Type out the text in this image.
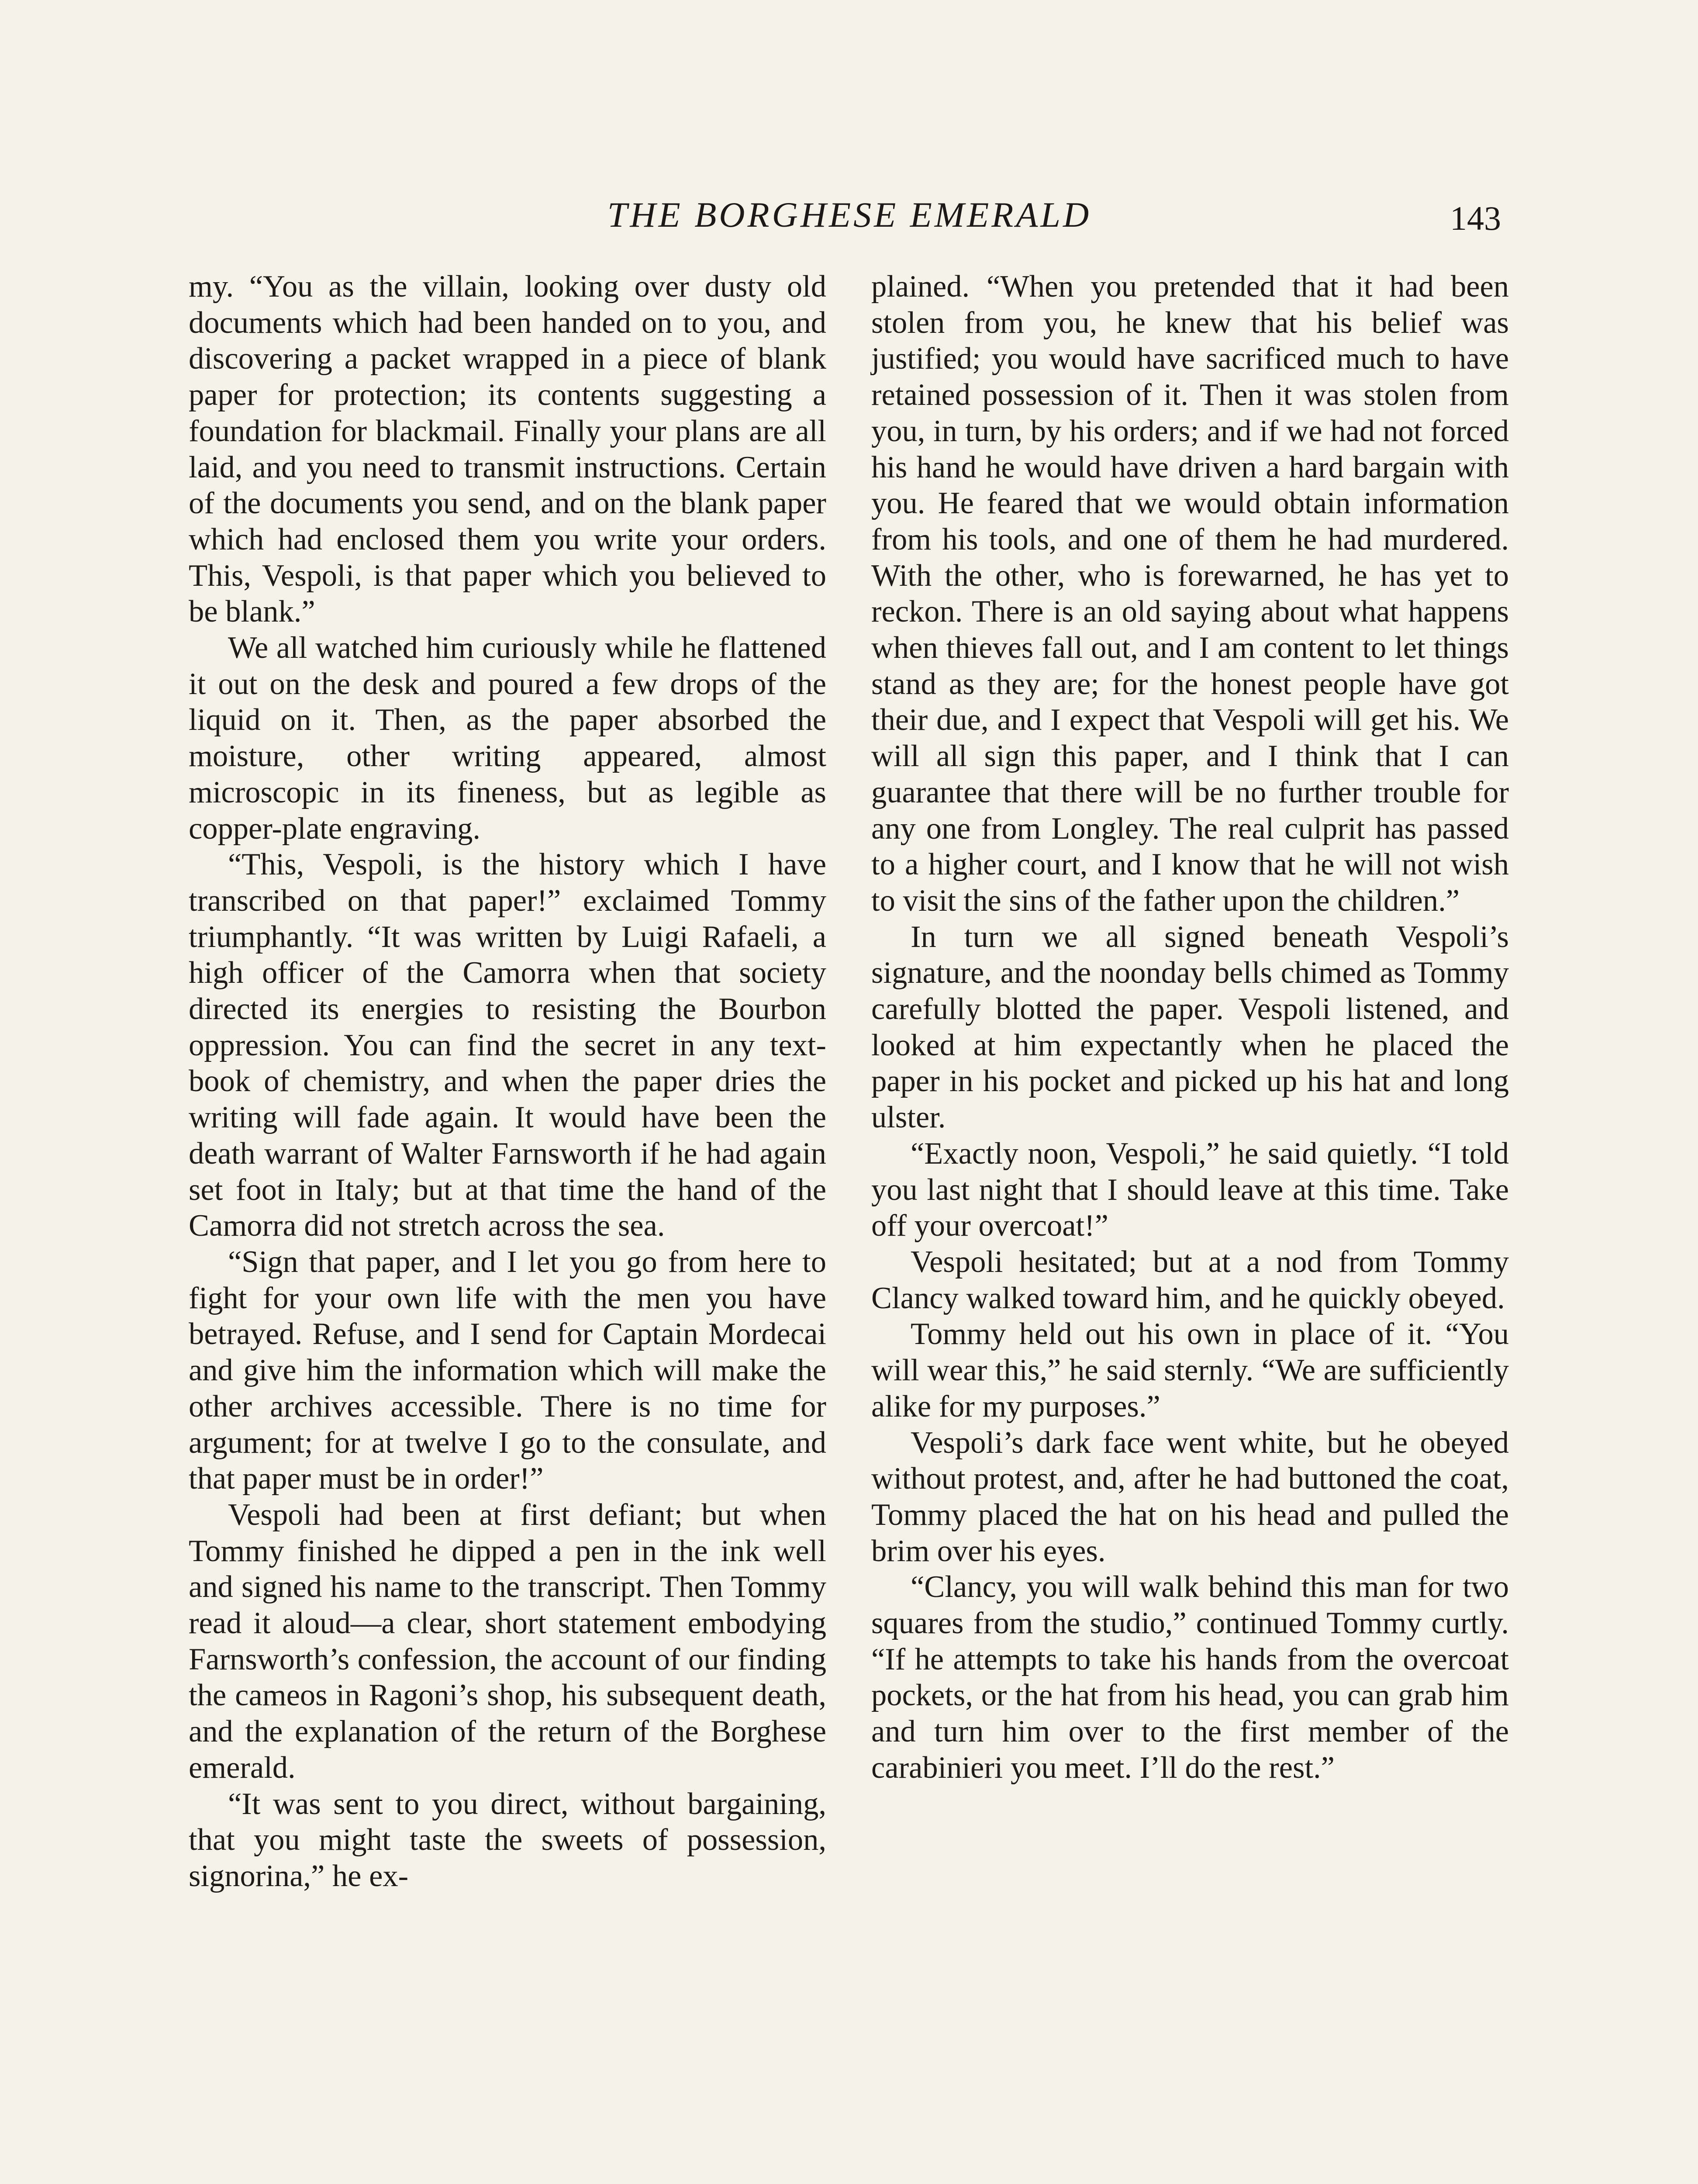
THE BORGHESE EMERALD	143

my. “You as the villain, looking over dusty old documents which had been handed on to you, and discovering a packet wrapped in a piece of blank paper for protection; its contents suggesting a foundation for blackmail. Finally your plans are all laid, and you need to transmit instructions. Certain of the documents you send, and on the blank paper which had enclosed them you write your orders. This, Vespoli, is that paper which you believed to be blank.”

We all watched him curiously while he flattened it out on the desk and poured a few drops of the liquid on it. Then, as the paper absorbed the moisture, other writing appeared, almost microscopic in its fineness, but as legible as copper-plate engraving.

“This, Vespoli, is the history which I have transcribed on that paper!” exclaimed Tommy triumphantly. “It was written by Luigi Rafaeli, a high officer of the Camorra when that society directed its energies to resisting the Bourbon oppression. You can find the secret in any text-book of chemistry, and when the paper dries the writing will fade again. It would have been the death warrant of Walter Farnsworth if he had again set foot in Italy; but at that time the hand of the Camorra did not stretch across the sea.

“Sign that paper, and I let you go from here to fight for your own life with the men you have betrayed. Refuse, and I send for Captain Mordecai and give him the information which will make the other archives accessible. There is no time for argument; for at twelve I go to the consulate, and that paper must be in order!”

Vespoli had been at first defiant; but when Tommy finished he dipped a pen in the ink well and signed his name to the transcript. Then Tommy read it aloud—a clear, short statement embodying Farnsworth’s confession, the account of our finding the cameos in Ragoni’s shop, his subsequent death, and the explanation of the return of the Borghese emerald.

“It was sent to you direct, without bargaining, that you might taste the sweets of possession, signorina,” he ex-

plained. “When you pretended that it had been stolen from you, he knew that his belief was justified; you would have sacrificed much to have retained possession of it. Then it was stolen from you, in turn, by his orders; and if we had not forced his hand he would have driven a hard bargain with you. He feared that we would obtain information from his tools, and one of them he had murdered. With the other, who is forewarned, he has yet to reckon. There is an old saying about what happens when thieves fall out, and I am content to let things stand as they are; for the honest people have got their due, and I expect that Vespoli will get his. We will all sign this paper, and I think that I can guarantee that there will be no further trouble for any one from Longley. The real culprit has passed to a higher court, and I know that he will not wish to visit the sins of the father upon the children.”

In turn we all signed beneath Vespoli’s signature, and the noonday bells chimed as Tommy carefully blotted the paper. Vespoli listened, and looked at him expectantly when he placed the paper in his pocket and picked up his hat and long ulster.

“Exactly noon, Vespoli,” he said quietly. “I told you last night that I should leave at this time. Take off your overcoat!”

Vespoli hesitated; but at a nod from Tommy Clancy walked toward him, and he quickly obeyed.

Tommy held out his own in place of it. “You will wear this,” he said sternly. “We are sufficiently alike for my purposes.”

Vespoli’s dark face went white, but he obeyed without protest, and, after he had buttoned the coat, Tommy placed the hat on his head and pulled the brim over his eyes.

“Clancy, you will walk behind this man for two squares from the studio,” continued Tommy curtly. “If he attempts to take his hands from the overcoat pockets, or the hat from his head, you can grab him and turn him over to the first member of the carabinieri you meet. I’ll do the rest.”
